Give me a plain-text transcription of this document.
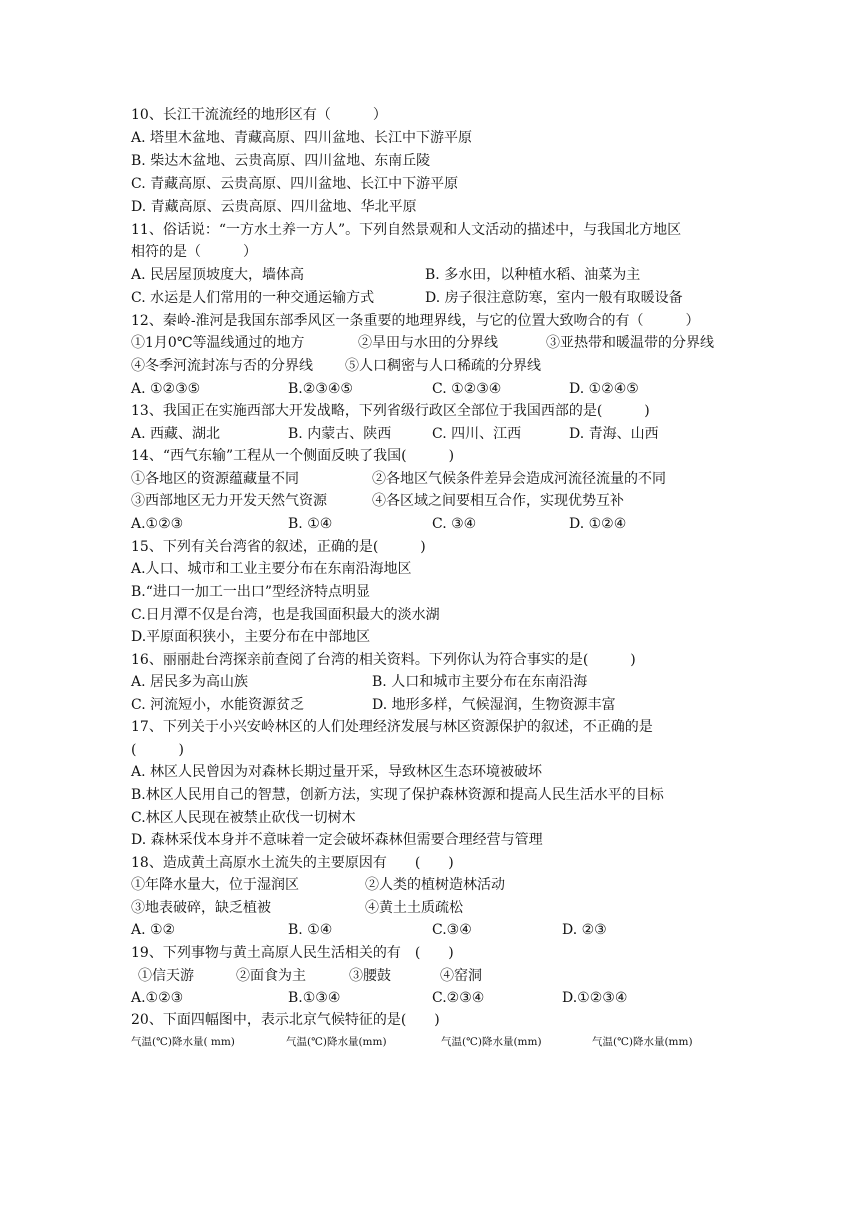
10、长江干流流经的地形区有（　　　）
A. 塔里木盆地、青藏高原、四川盆地、长江中下游平原
B. 柴达木盆地、云贵高原、四川盆地、东南丘陵
C. 青藏高原、云贵高原、四川盆地、长江中下游平原
D. 青藏高原、云贵高原、四川盆地、华北平原
11、俗话说：“一方水土养一方人”。下列自然景观和人文活动的描述中，与我国北方地区
相符的是（　　　）
A. 民居屋顶坡度大，墙体高	B. 多水田，以种植水稻、油菜为主
C. 水运是人们常用的一种交通运输方式	D. 房子很注意防寒，室内一般有取暖设备
12、秦岭-淮河是我国东部季风区一条重要的地理界线，与它的位置大致吻合的有（　　　）
①1月0℃等温线通过的地方	②旱田与水田的分界线	③亚热带和暖温带的分界线
④冬季河流封冻与否的分界线 ⑤人口稠密与人口稀疏的分界线
A. ①②③⑤	B.②③④⑤	C. ①②③④	D. ①②④⑤
13、我国正在实施西部大开发战略，下列省级行政区全部位于我国西部的是(　　　)
A. 西藏、湖北	B. 内蒙古、陕西	C. 四川、江西	D. 青海、山西
14、“西气东输”工程从一个侧面反映了我国(　　　)
①各地区的资源蕴藏量不同	②各地区气候条件差异会造成河流径流量的不同
③西部地区无力开发天然气资源	④各区域之间要相互合作，实现优势互补
A.①②③	B. ①④	C. ③④	D. ①②④
15、下列有关台湾省的叙述，正确的是(　　　)
A.人口、城市和工业主要分布在东南沿海地区
B.“进口一加工一出口”型经济特点明显
C.日月潭不仅是台湾，也是我国面积最大的淡水湖
D.平原面积狭小，主要分布在中部地区
16、丽丽赴台湾探亲前查阅了台湾的相关资料。下列你认为符合事实的是(　　　)
A. 居民多为高山族	B. 人口和城市主要分布在东南沿海
C. 河流短小，水能资源贫乏	D. 地形多样，气候湿润，生物资源丰富
17、下列关于小兴安岭林区的人们处理经济发展与林区资源保护的叙述，不正确的是
(　　　)
A. 林区人民曾因为对森林长期过量开采，导致林区生态环境被破坏
B.林区人民用自己的智慧，创新方法，实现了保护森林资源和提高人民生活水平的目标
C.林区人民现在被禁止砍伐一切树木
D. 森林采伐本身并不意味着一定会破坏森林但需要合理经营与管理
18、造成黄土高原水土流失的主要原因有　　(　　)
①年降水量大，位于湿润区	②人类的植树造林活动
③地表破碎，缺乏植被	④黄土土质疏松
A. ①②	B. ①④	C.③④	D. ②③
19、下列事物与黄土高原人民生活相关的有　(　　)
①信天游	②面食为主	③腰鼓	④窑洞
A.①②③	B.①③④	C.②③④	D.①②③④
20、下面四幅图中，表示北京气候特征的是(　　)
气温(℃)降水量( mm)	气温(℃)降水量(mm)	气温(℃)降水量(mm)	气温(℃)降水量(mm)
